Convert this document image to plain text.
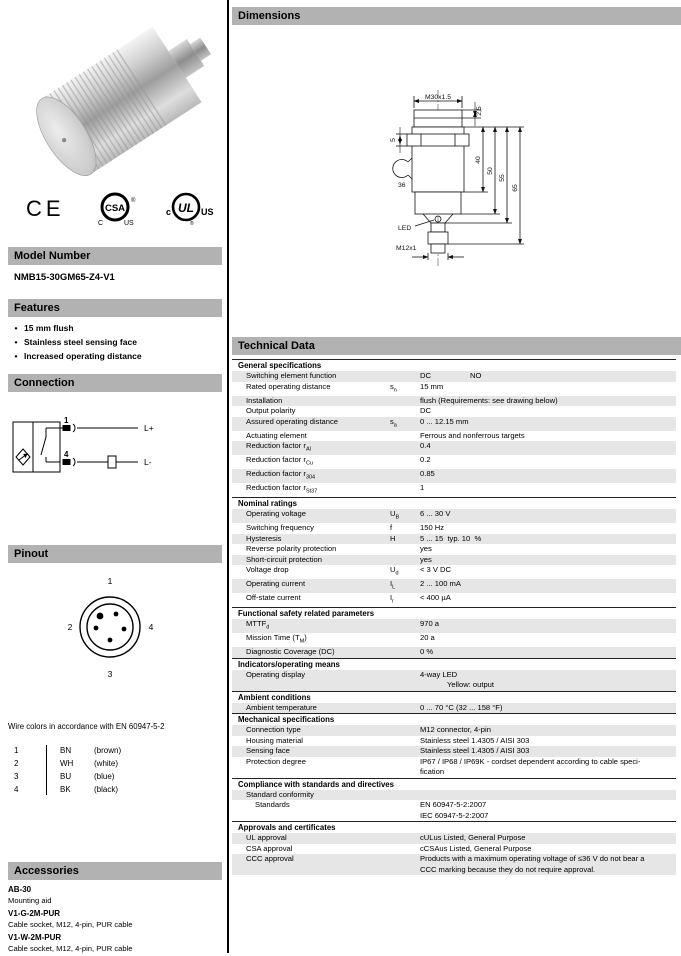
CE	CSA
®
C	US
UL
c	US
®
Model Number
NMB15-30GM65-Z4-V1
Features
• 15 mm flush
• Stainless steel sensing face
• Increased operating distance
Connection
1
4
L+
L-
Pinout
1
2	4
3
Wire colors in accordance with EN 60947-5-2
1	BN	(brown)
2	WH	(white)
3	BU	(blue)
4	BK	(black)
Accessories
AB-30
Mounting aid
V1-G-2M-PUR
Cable socket, M12, 4-pin, PUR cable
V1-W-2M-PUR
Cable socket, M12, 4-pin, PUR cable
Dimensions
M30x1.5
2,5
5
36
LED
M12x1
40
50
55
65
Technical Data
General specifications
Switching element function	DC	NO
Rated operating distance	$s_n$	15 mm
Installation	flush (Requirements: see drawing below)
Output polarity	DC
Assured operating distance	$s_a$	0 ... 12.15 mm
Actuating element	Ferrous and nonferrous targets
Reduction factor $r_{Al}$	0.4
Reduction factor $r_{Cu}$	0.2
Reduction factor $r_{304}$	0.85
Reduction factor $r_{St37}$	1
Nominal ratings
Operating voltage	$U_B$	6 ... 30 V
Switching frequency	f	150 Hz
Hysteresis	H	5 ... 15  typ. 10  %
Reverse polarity protection	yes
Short-circuit protection	yes
Voltage drop	$U_d$	< 3 V DC
Operating current	$I_L$	2 ... 100 mA
Off-state current	$I_r$	< 400 µA
Functional safety related parameters
$MTTF_d$	970 a
Mission Time $(T_M)$	20 a
Diagnostic Coverage (DC)	0 %
Indicators/operating means
Operating display	4-way LED
Yellow: output
Ambient conditions
Ambient temperature	0 ... 70 °C (32 ... 158 °F)
Mechanical specifications
Connection type	M12 connector, 4-pin
Housing material	Stainless steel 1.4305 / AISI 303
Sensing face	Stainless steel 1.4305 / AISI 303
Protection degree	IP67 / IP68 / IP69K - cordset dependent according to cable speci-
fication
Compliance with standards and directives
Standard conformity

Standards	EN 60947-5-2:2007
IEC 60947-5-2:2007
Approvals and certificates
UL approval	cULus Listed, General Purpose
CSA approval	cCSAus Listed, General Purpose
CCC approval	Products with a maximum operating voltage of ≤36 V do not bear a
CCC marking because they do not require approval.
